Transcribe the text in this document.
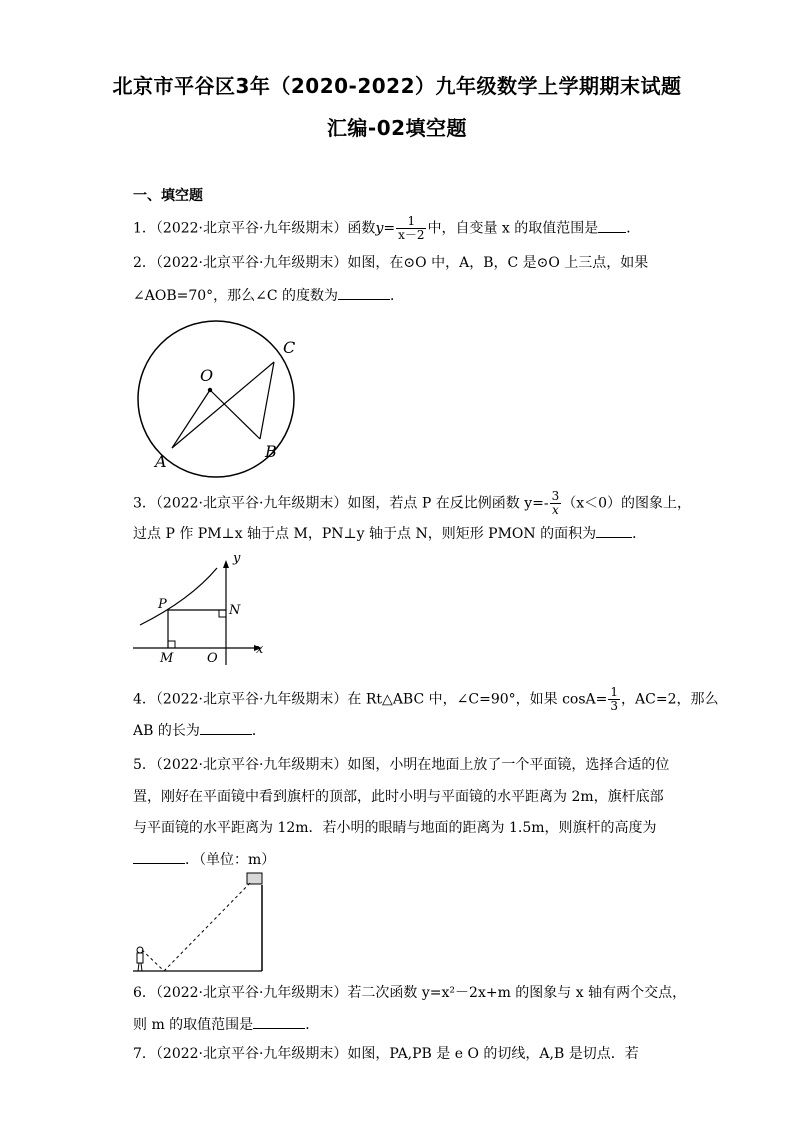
北京市平谷区3年（2020-2022）九年级数学上学期期末试题
汇编-02填空题
一、填空题
1．（2022·北京平谷·九年级期末）函数$y= \frac{1}{x-2}$ 中，自变量 x 的取值范围是 ．
2．（2022·北京平谷·九年级期末）如图，在⊙O 中，A，B，C 是⊙O 上三点，如果
∠AOB=70°，那么∠C 的度数为	．
O
A
B
C
3．（2022·北京平谷·九年级期末）如图，若点 P 在反比例函数 $y=- \frac{3}{x} (x<0)$的图象上，
过点 P 作 PM⊥x 轴于点 M，PN⊥y 轴于点 N，则矩形 PMON 的面积为	．
y
x
P	N
M	O
4．（2022·北京平谷·九年级期末）在 Rt△ABC 中，∠C=90°，如果 $\cos A= \frac{1}{3}$ ，AC=2，那么
AB 的长为	．
5．（2022·北京平谷·九年级期末）如图，小明在地面上放了一个平面镜，选择合适的位
置，刚好在平面镜中看到旗杆的顶部，此时小明与平面镜的水平距离为 2m，旗杆底部
与平面镜的水平距离为 12m．若小明的眼睛与地面的距离为 1.5m，则旗杆的高度为
．（单位：m）
6．（2022·北京平谷·九年级期末）若二次函数 y=x²－2x+m 的图象与 x 轴有两个交点，
则 m 的取值范围是	．
7．（2022·北京平谷·九年级期末）如图，PA,PB 是 e O 的切线，A,B 是切点．若
